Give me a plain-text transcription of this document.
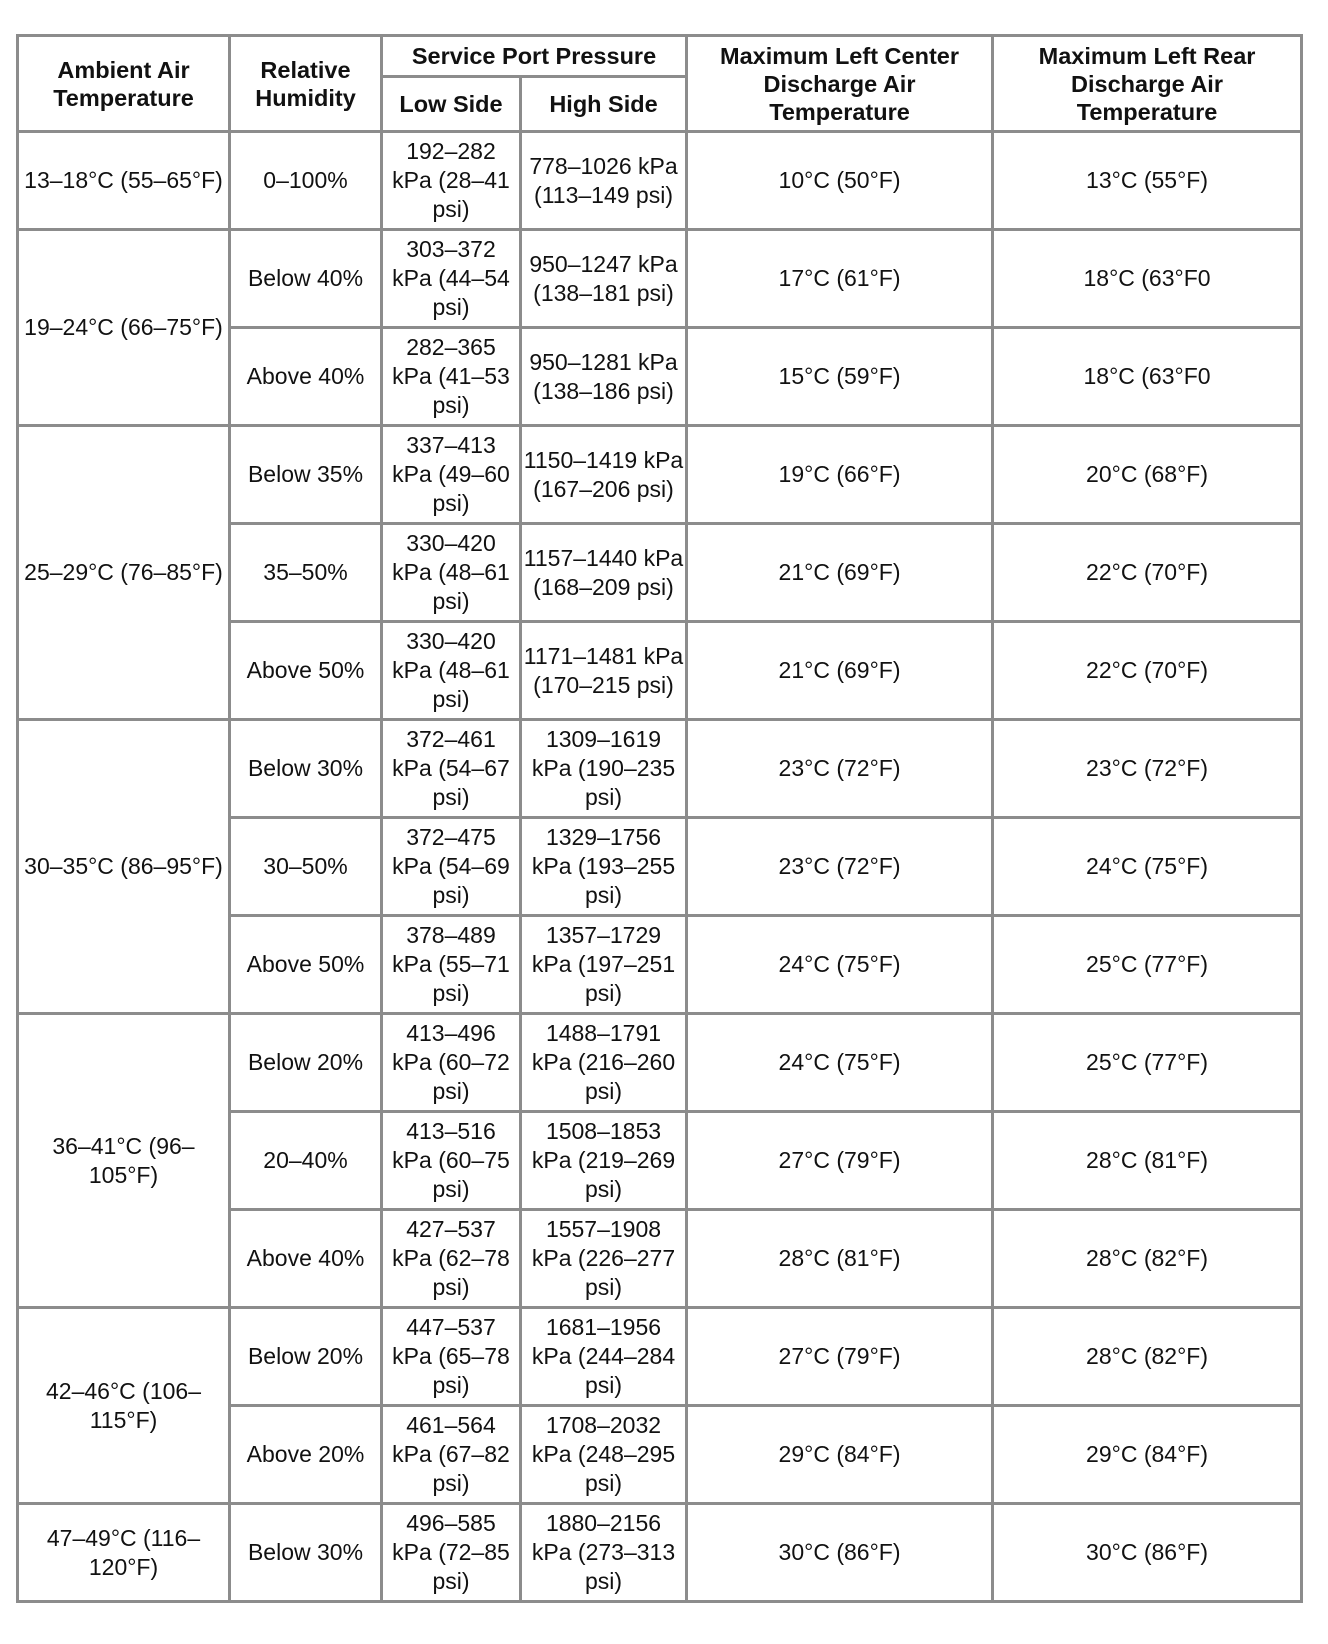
Ambient Air Temperature	Relative Humidity	Service Port Pressure		Maximum Left Center Discharge Air Temperature	Maximum Left Rear Discharge Air Temperature
		Low Side	High Side		
13–18°C (55–65°F)	0–100%	192–282 kPa (28–41 psi)	778–1026 kPa (113–149 psi)	10°C (50°F)	13°C (55°F)
19–24°C (66–75°F)	Below 40%	303–372 kPa (44–54 psi)	950–1247 kPa (138–181 psi)	17°C (61°F)	18°C (63°F0
	Above 40%	282–365 kPa (41–53 psi)	950–1281 kPa (138–186 psi)	15°C (59°F)	18°C (63°F0
25–29°C (76–85°F)	Below 35%	337–413 kPa (49–60 psi)	1150–1419 kPa (167–206 psi)	19°C (66°F)	20°C (68°F)
	35–50%	330–420 kPa (48–61 psi)	1157–1440 kPa (168–209 psi)	21°C (69°F)	22°C (70°F)
	Above 50%	330–420 kPa (48–61 psi)	1171–1481 kPa (170–215 psi)	21°C (69°F)	22°C (70°F)
30–35°C (86–95°F)	Below 30%	372–461 kPa (54–67 psi)	1309–1619 kPa (190–235 psi)	23°C (72°F)	23°C (72°F)
	30–50%	372–475 kPa (54–69 psi)	1329–1756 kPa (193–255 psi)	23°C (72°F)	24°C (75°F)
	Above 50%	378–489 kPa (55–71 psi)	1357–1729 kPa (197–251 psi)	24°C (75°F)	25°C (77°F)
36–41°C (96–105°F)	Below 20%	413–496 kPa (60–72 psi)	1488–1791 kPa (216–260 psi)	24°C (75°F)	25°C (77°F)
	20–40%	413–516 kPa (60–75 psi)	1508–1853 kPa (219–269 psi)	27°C (79°F)	28°C (81°F)
	Above 40%	427–537 kPa (62–78 psi)	1557–1908 kPa (226–277 psi)	28°C (81°F)	28°C (82°F)
42–46°C (106–115°F)	Below 20%	447–537 kPa (65–78 psi)	1681–1956 kPa (244–284 psi)	27°C (79°F)	28°C (82°F)
	Above 20%	461–564 kPa (67–82 psi)	1708–2032 kPa (248–295 psi)	29°C (84°F)	29°C (84°F)
47–49°C (116–120°F)	Below 30%	496–585 kPa (72–85 psi)	1880–2156 kPa (273–313 psi)	30°C (86°F)	30°C (86°F)
